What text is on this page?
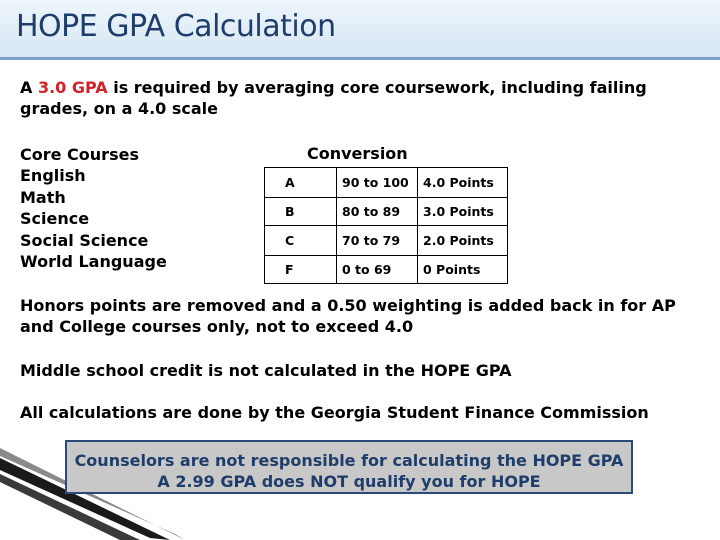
HOPE GPA Calculation
A 3.0 GPA is required by averaging core coursework, including failing grades, on a 4.0 scale
Core Courses
English
Math
Science
Social Science
World Language
Conversion
A	90 to 100	4.0 Points
B	80 to 89	3.0 Points
C	70 to 79	2.0 Points
F	0 to 69	0 Points
Honors points are removed and a 0.50 weighting is added back in for AP and College courses only, not to exceed 4.0
Middle school credit is not calculated in the HOPE GPA
All calculations are done by the Georgia Student Finance Commission
Counselors are not responsible for calculating the HOPE GPA
A 2.99 GPA does NOT qualify you for HOPE
